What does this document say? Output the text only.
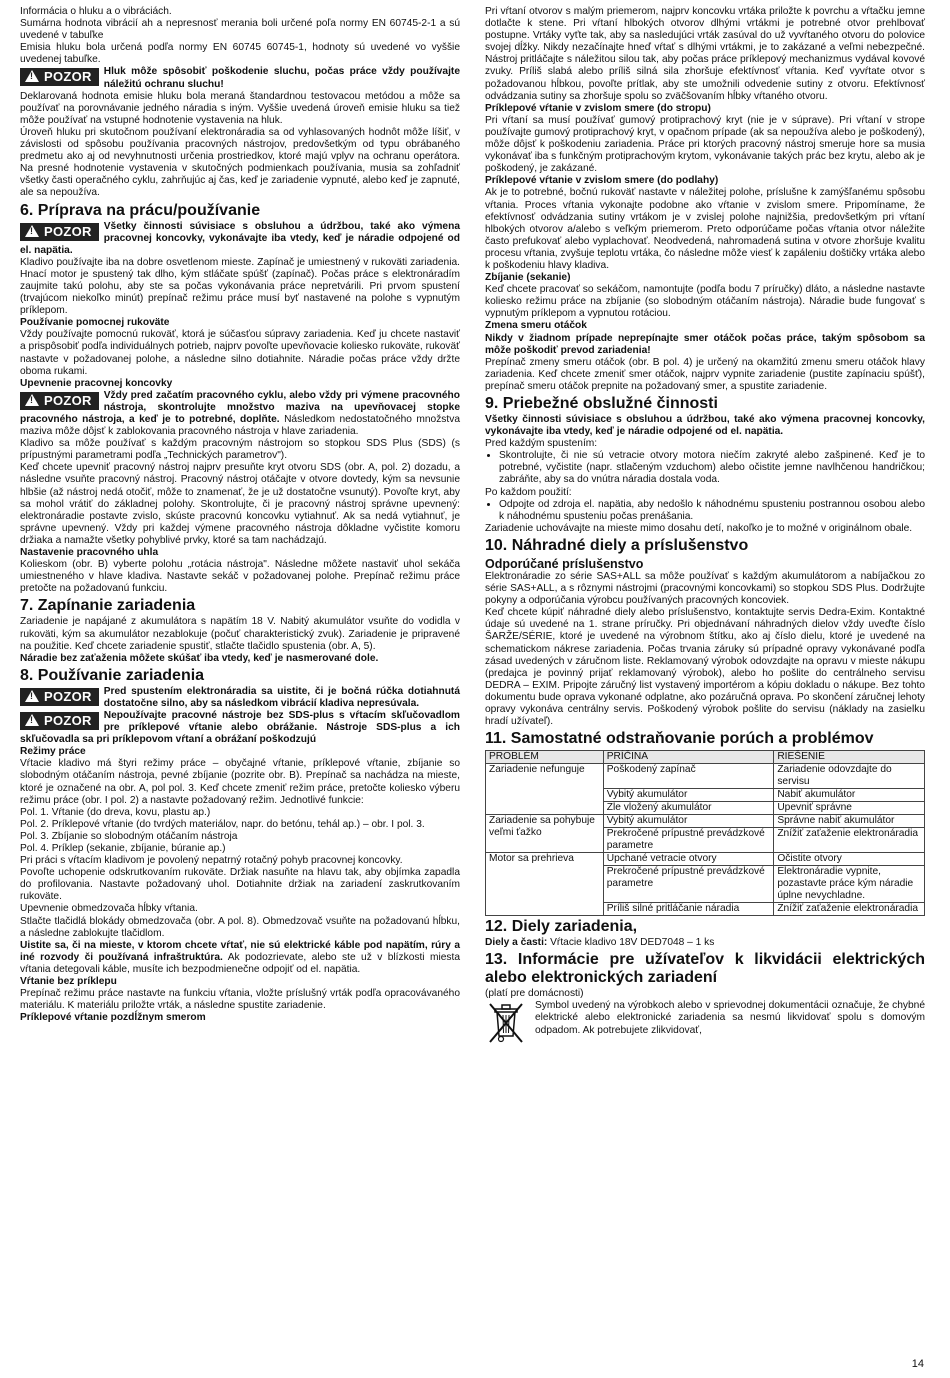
Informácia o hluku a o vibráciách.

Sumárna hodnota vibrácií ah a nepresnosť merania boli určené poľa normy EN 60745-2-1 a sú uvedené v tabuľke

Emisia hluku bola určená podľa normy EN 60745 60745-1, hodnoty sú uvedené vo vyššie uvedenej tabuľke.

!POZOR	Hluk môže spôsobiť poškodenie sluchu, počas práce vždy používajte náležitú ochranu sluchu!

Deklarovaná hodnota emisie hluku bola meraná štandardnou testovacou metódou a môže sa používať na porovnávanie jedného náradia s iným. Vyššie uvedená úroveň emisie hluku sa tiež môže používať na vstupné hodnotenie vystavenia na hluk.

Úroveň hluku pri skutočnom používaní elektronáradia sa od vyhlasovaných hodnôt môže líšiť, v závislosti od spôsobu používania pracovných nástrojov, predovšetkým od typu obrábaného predmetu ako aj od nevyhnutnosti určenia prostriedkov, ktoré majú vplyv na ochranu operátora. Na presné hodnotenie vystavenia v skutočných podmienkach používania, musia sa zohľadniť všetky časti operačného cyklu, zahrňujúc aj čas, keď je zariadenie vypnuté, alebo keď je zapnuté, ale sa nepoužíva.

6. Príprava na prácu/používanie

!POZOR	Všetky činnosti súvisiace s obsluhou a údržbou, také ako výmena pracovnej koncovky, vykonávajte iba vtedy, keď je náradie odpojené od el. napätia.

Kladivo používajte iba na dobre osvetlenom mieste. Zapínač je umiestnený v rukoväti zariadenia. Hnací motor je spustený tak dlho, kým stláčate spúšť (zapínač). Počas práce s elektronáradím zaujmite takú polohu, aby ste sa počas vykonávania práce nepretvárili. Pri prvom spustení (trvajúcom niekoľko minút) prepínač režimu práce musí byť nastavené na polohe s vypnutým príklepom.

Používanie pomocnej rukoväte

Vždy používajte pomocnú rukoväť, ktorá je súčasťou súpravy zariadenia. Keď ju chcete nastaviť a prispôsobiť podľa individuálnych potrieb, najprv povoľte upevňovacie koliesko rukoväte, rukoväť nastavte v požadovanej polohe, a následne silno dotiahnite. Náradie počas práce vždy držte oboma rukami.

Upevnenie pracovnej koncovky

!POZOR	Vždy pred začatím pracovného cyklu, alebo vždy pri výmene pracovného nástroja, skontrolujte množstvo maziva na upevňovacej stopke pracovného nástroja, a keď je to potrebné, doplňte. Následkom nedostatočného množstva maziva môže dôjsť k zablokovania pracovného nástroja v hlave zariadenia.

Kladivo sa môže používať s každým pracovným nástrojom so stopkou SDS Plus (SDS) (s prípustnými parametrami podľa „Technických parametrov").

Keď chcete upevniť pracovný nástroj najprv presuňte kryt otvoru SDS (obr. A, pol. 2) dozadu, a následne vsuňte pracovný nástroj. Pracovný nástroj otáčajte v otvore dovtedy, kým sa nevsunie hlbšie (až nástroj nedá otočiť, môže to znamenať, že je už dostatočne vsunutý). Povoľte kryt, aby sa mohol vrátiť do základnej polohy. Skontrolujte, či je pracovný nástroj správne upevnený: elektronáradie postavte zvislo, skúste pracovnú koncovku vytiahnuť. Ak sa nedá vytiahnuť, je správne upevnený. Vždy pri každej výmene pracovného nástroja dôkladne vyčistite komoru držiaka a namažte všetky pohyblivé prvky, ktoré sa tam nachádzajú.

Nastavenie pracovného uhla

Kolieskom (obr. B) vyberte polohu „rotácia nástroja". Následne môžete nastaviť uhol sekáča umiestneného v hlave kladiva. Nastavte sekáč v požadovanej polohe. Prepínač režimu práce pretočte na požadovanú funkciu.

7. Zapínanie zariadenia

Zariadenie je napájané z akumulátora s napätím 18 V. Nabitý akumulátor vsuňte do vodidla v rukoväti, kým sa akumulátor nezablokuje (počuť charakteristický zvuk). Zariadenie je pripravené na použitie. Keď chcete zariadenie spustiť, stlačte tlačidlo spustenia (obr. A, 5).

Náradie bez zaťaženia môžete skúšať iba vtedy, keď je nasmerované dole.

8. Používanie zariadenia

!POZOR	Pred spustením elektronáradia sa uistite, či je bočná rúčka dotiahnutá dostatočne silno, aby sa následkom vibrácií kladiva nepresúvala.

!POZOR	Nepoužívajte pracovné nástroje bez SDS-plus s vŕtacím skľučovadlom pre príklepové vŕtanie alebo obrážanie. Nástroje SDS-plus a ich skľučovadla sa pri príklepovom vŕtaní a obrážaní poškodzujú

Režimy práce

Vŕtacie kladivo má štyri režimy práce – obyčajné vŕtanie, príklepové vŕtanie, zbíjanie so slobodným otáčaním nástroja, pevné zbíjanie (pozrite obr. B). Prepínač sa nachádza na mieste, ktoré je označené na obr. A, pol pol. 3. Keď chcete zmeniť režim práce, pretočte koliesko výberu režimu práce (obr. I pol. 2) a nastavte požadovaný režim. Jednotlivé funkcie:

Pol. 1. Vŕtanie (do dreva, kovu, plastu ap.)

Pol. 2. Príklepové vŕtanie (do tvrdých materiálov, napr. do betónu, tehál ap.) – obr. I pol. 3.

Pol. 3. Zbíjanie so slobodným otáčaním nástroja

Pol. 4. Príklep (sekanie, zbíjanie, búranie ap.)

Pri práci s vŕtacím kladivom je povolený nepatrný rotačný pohyb pracovnej koncovky.

Povoľte uchopenie odskrutkovaním rukoväte. Držiak nasuňte na hlavu tak, aby objímka zapadla do profilovania. Nastavte požadovaný uhol. Dotiahnite držiak na zariadení zaskrutkovaním rukoväte.

Upevnenie obmedzovača hĺbky vŕtania.

Stlačte tlačidlá blokády obmedzovača (obr. A pol. 8). Obmedzovač vsuňte na požadovanú hĺbku, a následne zablokujte tlačidlom.

Uistite sa, či na mieste, v ktorom chcete vŕtať, nie sú elektrické káble pod napätím, rúry a iné rozvody či používaná infraštruktúra. Ak podozrievate, alebo ste už v blízkosti miesta vŕtania detegovali káble, musíte ich bezpodmienečne odpojiť od el. napätia.

Vŕtanie bez príklepu

Prepínač režimu práce nastavte na funkciu vŕtania, vložte príslušný vrták podľa opracovávaného materiálu. K materiálu priložte vrták, a následne spustite zariadenie.

Príklepové vŕtanie pozdĺžnym smerom

Pri vŕtaní otvorov s malým priemerom, najprv koncovku vrtáka priložte k povrchu a vŕtačku jemne dotlačte k stene. Pri vŕtaní hlbokých otvorov dlhými vrtákmi je potrebné otvor prehlbovať postupne. Vrtáky vyťte tak, aby sa nasledujúci vrták zasúval do už vyvŕtaného otvoru do polovice svojej dĺžky. Nikdy nezačínajte hneď vŕtať s dlhými vrtákmi, je to zakázané a veľmi nebezpečné. Nástroj pritláčajte s náležitou silou tak, aby počas práce príklepový mechanizmus vydával kovové zvuky. Príliš slabá alebo príliš silná sila zhoršuje efektívnosť vŕtania. Keď vyvŕtate otvor s požadovanou hĺbkou, povoľte prítlak, aby ste umožnili odvedenie sutiny z otvoru. Efektívnosť odvádzania sutiny sa zhoršuje spolu so zväčšovaním hĺbky vŕtaného otvoru.

Príklepové vŕtanie v zvislom smere (do stropu)

Pri vŕtaní sa musí používať gumový protiprachový kryt (nie je v súprave). Pri vŕtaní v strope používajte gumový protiprachový kryt, v opačnom prípade (ak sa nepoužíva alebo je poškodený), môže dôjsť k poškodeniu zariadenia. Práce pri ktorých pracovný nástroj smeruje hore sa musia vykonávať iba s funkčným protiprachovým krytom, vykonávanie takých prác bez krytu, alebo ak je poškodený, je zakázané.

Príklepové vŕtanie v zvislom smere (do podlahy)

Ak je to potrebné, bočnú rukoväť nastavte v náležitej polohe, príslušne k zamýšľanému spôsobu vŕtania. Proces vŕtania vykonajte podobne ako vŕtanie v zvislom smere. Pripomíname, že efektívnosť odvádzania sutiny vrtákom je v zvislej polohe najnižšia, predovšetkým pri vŕtaní hlbokých otvorov a/alebo s veľkým priemerom. Preto odporúčame počas vŕtania otvor náležite často prefukovať alebo vyplachovať. Neodvedená, nahromadená sutina v otvore zhoršuje kvalitu procesu vŕtania, zvyšuje teplotu vrtáka, čo následne môže viesť k zapáleniu doštičky vrtáka alebo k poškodeniu hlavy kladiva.

Zbíjanie (sekanie)

Keď chcete pracovať so sekáčom, namontujte (podľa bodu 7 príručky) dláto, a následne nastavte koliesko režimu práce na zbíjanie (so slobodným otáčaním nástroja). Náradie bude fungovať s vypnutým príklepom a vypnutou rotáciou.

Zmena smeru otáčok

Nikdy v žiadnom prípade neprepínajte smer otáčok počas práce, takým spôsobom sa môže poškodiť prevod zariadenia!

Prepínač zmeny smeru otáčok (obr. B pol. 4) je určený na okamžitú zmenu smeru otáčok hlavy zariadenia. Keď chcete zmeniť smer otáčok, najprv vypnite zariadenie (pustite zapínaciu spúšť), prepínač smeru otáčok prepnite na požadovaný smer, a spustite zariadenie.

9. Priebežné obslužné činnosti

Všetky činnosti súvisiace s obsluhou a údržbou, také ako výmena pracovnej koncovky, vykonávajte iba vtedy, keď je náradie odpojené od el. napätia.

Pred každým spustením:

• Skontrolujte, či nie sú vetracie otvory motora niečím zakryté alebo zašpinené. Keď je to potrebné, vyčistite (napr. stlačeným vzduchom) alebo očistite jemne navlhčenou handričkou; zabráňte, aby sa do vnútra náradia dostala voda.

Po každom použití:

• Odpojte od zdroja el. napätia, aby nedošlo k náhodnému spusteniu postrannou osobou alebo k náhodnému spusteniu počas prenášania.

Zariadenie uchovávajte na mieste mimo dosahu detí, nakoľko je to možné v originálnom obale.

10. Náhradné diely a príslušenstvo
Odporúčané príslušenstvo

Elektronáradie zo série SAS+ALL sa môže používať s každým akumulátorom a nabíjačkou zo série SAS+ALL, a s rôznymi nástrojmi (pracovnými koncovkami) so stopkou SDS Plus. Dodržujte pokyny a odporúčania výrobcu používaných pracovných koncoviek.

Keď chcete kúpiť náhradné diely alebo príslušenstvo, kontaktujte servis Dedra-Exim. Kontaktné údaje sú uvedené na 1. strane príručky. Pri objednávaní náhradných dielov vždy uveďte číslo ŠARŽE/SÉRIE, ktoré je uvedené na výrobnom štítku, ako aj číslo dielu, ktoré je uvedené na schematickom nákrese zariadenia. Počas trvania záruky sú prípadné opravy vykonávané podľa zásad uvedených v záručnom liste. Reklamovaný výrobok odovzdajte na opravu v mieste nákupu (predajca je povinný prijať reklamovaný výrobok), alebo ho pošlite do centrálneho servisu DEDRA – EXIM. Pripojte záručný list vystavený importérom a kópiu dokladu o nákupe. Bez tohto dokumentu bude oprava vykonané odplatne, ako pozáručná oprava. Po skončení záručnej lehoty opravy vykonáva centrálny servis. Poškodený výrobok pošlite do servisu (náklady na zasielku hradí užívateľ).

11. Samostatné odstraňovanie porúch a problémov
PROBLÉM	PRÍČINA	RIEŠENIE
Zariadenie nefunguje	Poškodený zapínač	Zariadenie odovzdajte do servisu
	Vybitý akumulátor	Nabiť akumulátor
	Zle vložený akumulátor	Upevniť správne
Zariadenie sa pohybuje veľmi ťažko	Vybitý akumulátor	Správne nabiť akumulátor
	Prekročené prípustné prevádzkové parametre	Znížiť zaťaženie elektronáradia
Motor sa prehrieva	Upchané vetracie otvory	Očistite otvory
	Prekročené prípustné prevádzkové parametre	Elektronáradie vypnite, pozastavte práce kým náradie úplne nevychladne.
	Príliš silné pritláčanie náradia	Znížiť zaťaženie elektronáradia
12. Diely zariadenia,

Diely a časti: Vŕtacie kladivo 18V DED7048 – 1 ks

13. Informácie pre užívateľov k likvidácii elektrických alebo elektronických zariadení

(platí pre domácnosti)

Symbol uvedený na výrobkoch alebo v sprievodnej dokumentácii označuje, že chybné elektrické alebo elektronické zariadenia sa nesmú likvidovať spolu s domovým odpadom. Ak potrebujete zlikvidovať,

14
